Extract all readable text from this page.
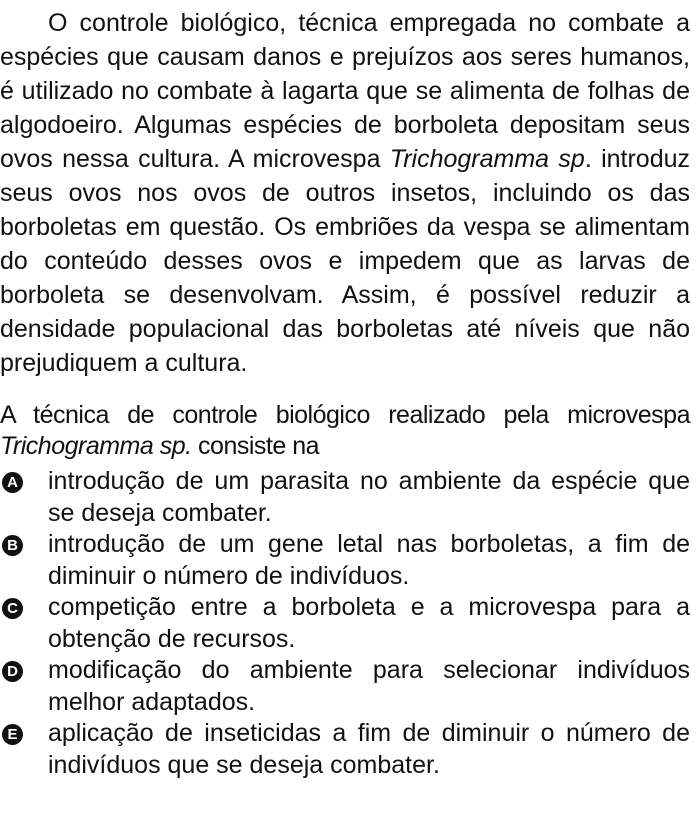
O controle biológico, técnica empregada no combate a espécies que causam danos e prejuízos aos seres humanos, é utilizado no combate à lagarta que se alimenta de folhas de algodoeiro. Algumas espécies de borboleta depositam seus ovos nessa cultura. A microvespa Trichogramma sp. introduz seus ovos nos ovos de outros insetos, incluindo os das borboletas em questão. Os embriões da vespa se alimentam do conteúdo desses ovos e impedem que as larvas de borboleta se desenvolvam. Assim, é possível reduzir a densidade populacional das borboletas até níveis que não prejudiquem a cultura.

A técnica de controle biológico realizado pela microvespa Trichogramma sp. consiste na

A introdução de um parasita no ambiente da espécie que se deseja combater.
B introdução de um gene letal nas borboletas, a fim de diminuir o número de indivíduos.
C competição entre a borboleta e a microvespa para a obtenção de recursos.
D modificação do ambiente para selecionar indivíduos melhor adaptados.
E aplicação de inseticidas a fim de diminuir o número de indivíduos que se deseja combater.
